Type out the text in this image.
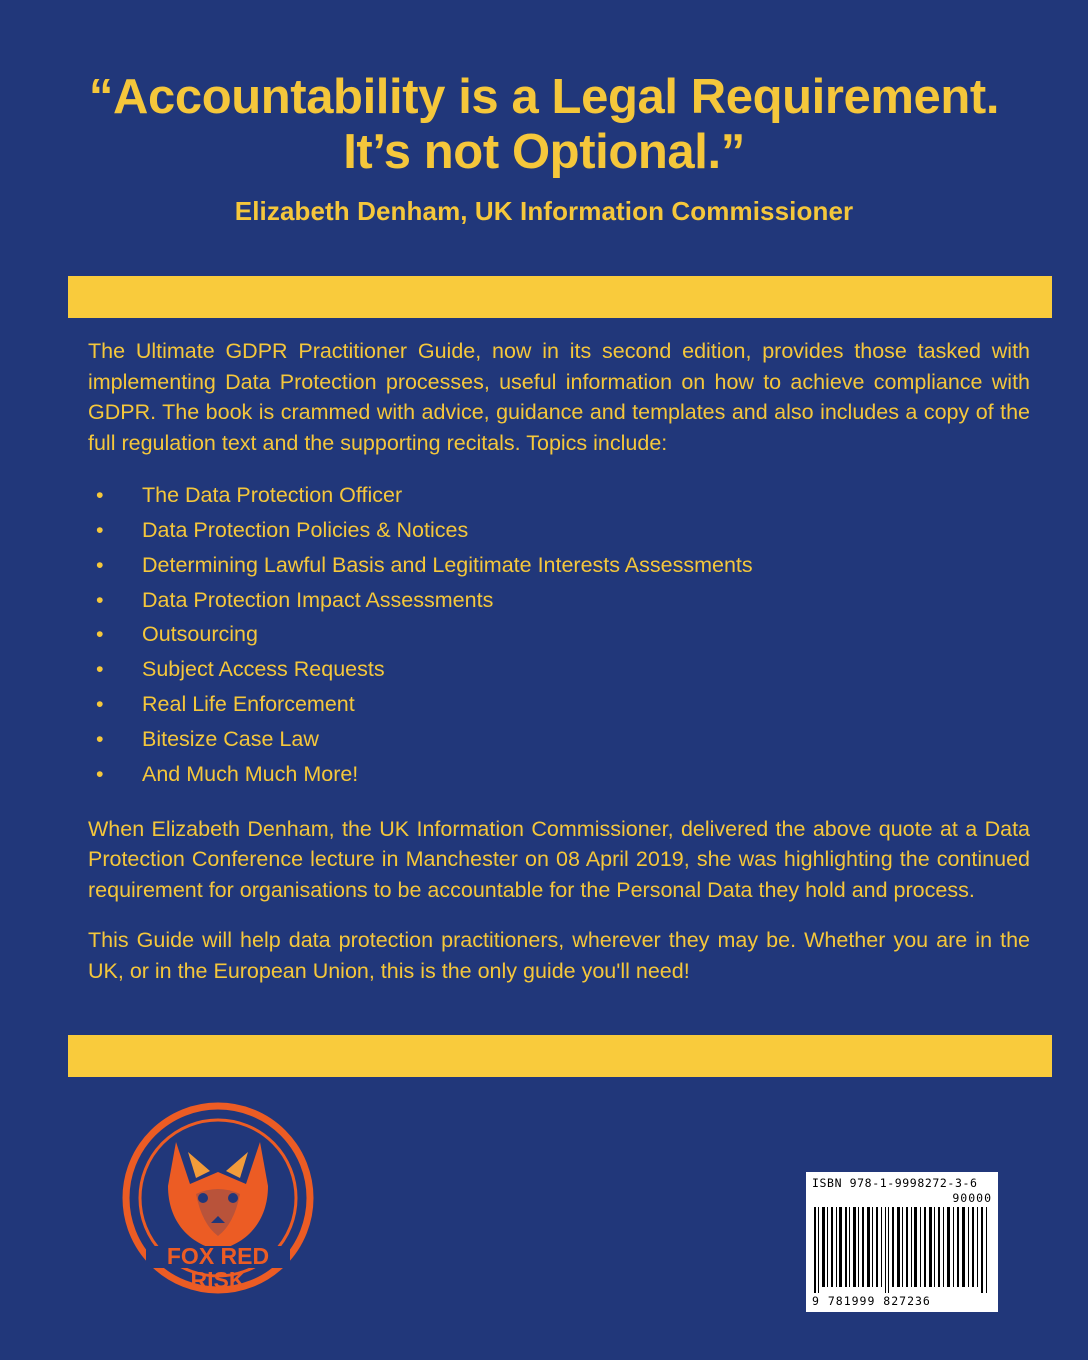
“Accountability is a Legal Requirement.
It’s not Optional.”
Elizabeth Denham, UK Information Commissioner

The Ultimate GDPR Practitioner Guide, now in its second edition, provides those tasked with implementing Data Protection processes, useful information on how to achieve compliance with GDPR. The book is crammed with advice, guidance and templates and also includes a copy of the full regulation text and the supporting recitals. Topics include:

• The Data Protection Officer
• Data Protection Policies & Notices
• Determining Lawful Basis and Legitimate Interests Assessments
• Data Protection Impact Assessments
• Outsourcing
• Subject Access Requests
• Real Life Enforcement
• Bitesize Case Law
• And Much Much More!

When Elizabeth Denham, the UK Information Commissioner, delivered the above quote at a Data Protection Conference lecture in Manchester on 08 April 2019, she was highlighting the continued requirement for organisations to be accountable for the Personal Data they hold and process.

This Guide will help data protection practitioners, wherever they may be. Whether you are in the UK, or in the European Union, this is the only guide you'll need!

FOX RED
RISK
ISBN 978-1-9998272-3-6
90000
9 781999 827236
